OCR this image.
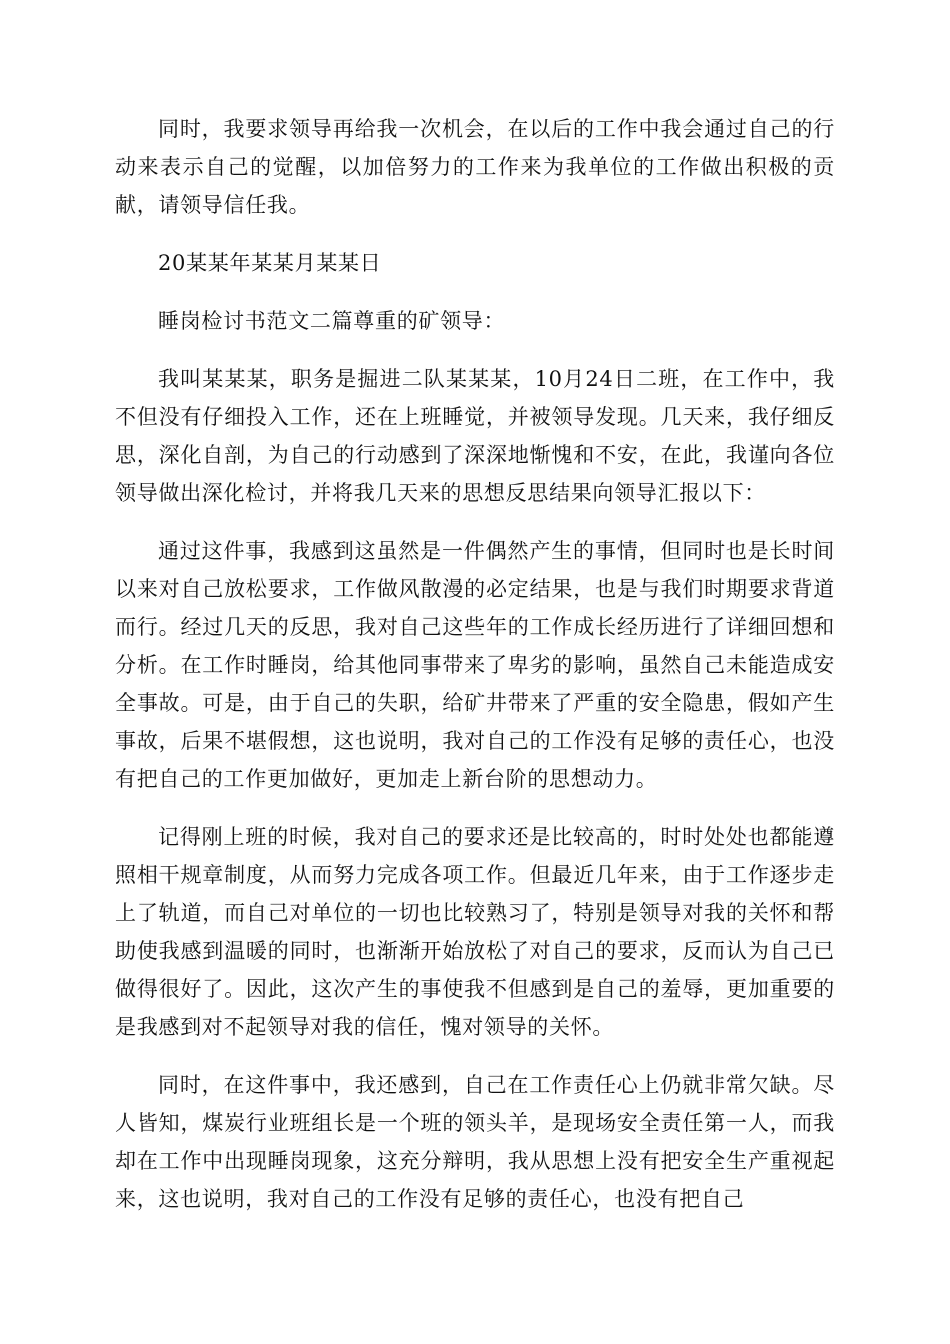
同时，我要求领导再给我一次机会，在以后的工作中我会通过自己的行动来表示自己的觉醒，以加倍努力的工作来为我单位的工作做出积极的贡献，请领导信任我。

20某某年某某月某某日

睡岗检讨书范文二篇尊重的矿领导：

我叫某某某，职务是掘进二队某某某，10月24日二班，在工作中，我不但没有仔细投入工作，还在上班睡觉，并被领导发现。几天来，我仔细反思，深化自剖，为自己的行动感到了深深地惭愧和不安，在此，我谨向各位领导做出深化检讨，并将我几天来的思想反思结果向领导汇报以下：

通过这件事，我感到这虽然是一件偶然产生的事情，但同时也是长时间以来对自己放松要求，工作做风散漫的必定结果，也是与我们时期要求背道而行。经过几天的反思，我对自己这些年的工作成长经历进行了详细回想和分析。在工作时睡岗，给其他同事带来了卑劣的影响，虽然自己未能造成安全事故。可是，由于自己的失职，给矿井带来了严重的安全隐患，假如产生事故，后果不堪假想，这也说明，我对自己的工作没有足够的责任心，也没有把自己的工作更加做好，更加走上新台阶的思想动力。

记得刚上班的时候，我对自己的要求还是比较高的，时时处处也都能遵照相干规章制度，从而努力完成各项工作。但最近几年来，由于工作逐步走上了轨道，而自己对单位的一切也比较熟习了，特别是领导对我的关怀和帮助使我感到温暖的同时，也渐渐开始放松了对自己的要求，反而认为自己已做得很好了。因此，这次产生的事使我不但感到是自己的羞辱，更加重要的是我感到对不起领导对我的信任，愧对领导的关怀。

同时，在这件事中，我还感到，自己在工作责任心上仍就非常欠缺。尽人皆知，煤炭行业班组长是一个班的领头羊，是现场安全责任第一人，而我却在工作中出现睡岗现象，这充分辩明，我从思想上没有把安全生产重视起来，这也说明，我对自己的工作没有足够的责任心，也没有把自己
